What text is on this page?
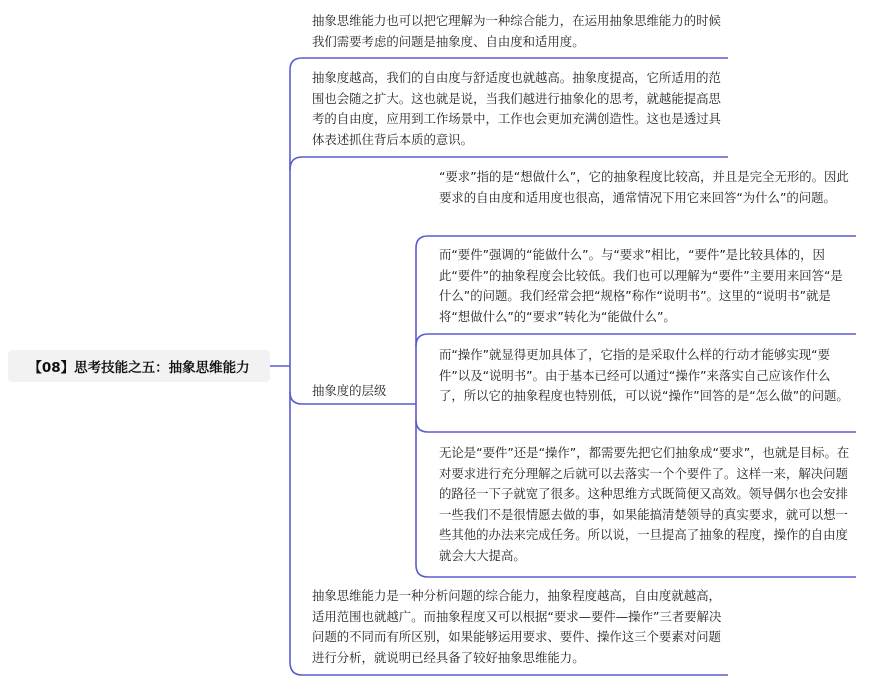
【08】思考技能之五：抽象思维能力
抽象思维能力也可以把它理解为一种综合能力，在运用抽象思维能力的时候我们需要考虑的问题是抽象度、自由度和适用度。
抽象度越高，我们的自由度与舒适度也就越高。抽象度提高，它所适用的范围也会随之扩大。这也就是说，当我们越进行抽象化的思考，就越能提高思考的自由度，应用到工作场景中，工作也会更加充满创造性。这也是透过具体表述抓住背后本质的意识。
抽象度的层级
“要求”指的是“想做什么”，它的抽象程度比较高，并且是完全无形的。因此要求的自由度和适用度也很高，通常情况下用它来回答“为什么”的问题。
而“要件”强调的“能做什么”。与“要求”相比，“要件”是比较具体的，因此“要件”的抽象程度会比较低。我们也可以理解为“要件”主要用来回答“是什么”的问题。我们经常会把“规格”称作“说明书”。这里的“说明书”就是将“想做什么”的“要求”转化为“能做什么”。
而“操作”就显得更加具体了，它指的是采取什么样的行动才能够实现“要件”以及“说明书”。由于基本已经可以通过“操作”来落实自己应该作什么了，所以它的抽象程度也特别低，可以说“操作”回答的是“怎么做”的问题。
无论是“要件”还是“操作”，都需要先把它们抽象成“要求”，也就是目标。在对要求进行充分理解之后就可以去落实一个个要件了。这样一来，解决问题的路径一下子就宽了很多。这种思维方式既简便又高效。领导偶尔也会安排一些我们不是很情愿去做的事，如果能搞清楚领导的真实要求，就可以想一些其他的办法来完成任务。所以说，一旦提高了抽象的程度，操作的自由度就会大大提高。
抽象思维能力是一种分析问题的综合能力，抽象程度越高，自由度就越高，适用范围也就越广。而抽象程度又可以根据“要求—要件—操作”三者要解决问题的不同而有所区别，如果能够运用要求、要件、操作这三个要素对问题进行分析，就说明已经具备了较好抽象思维能力。
